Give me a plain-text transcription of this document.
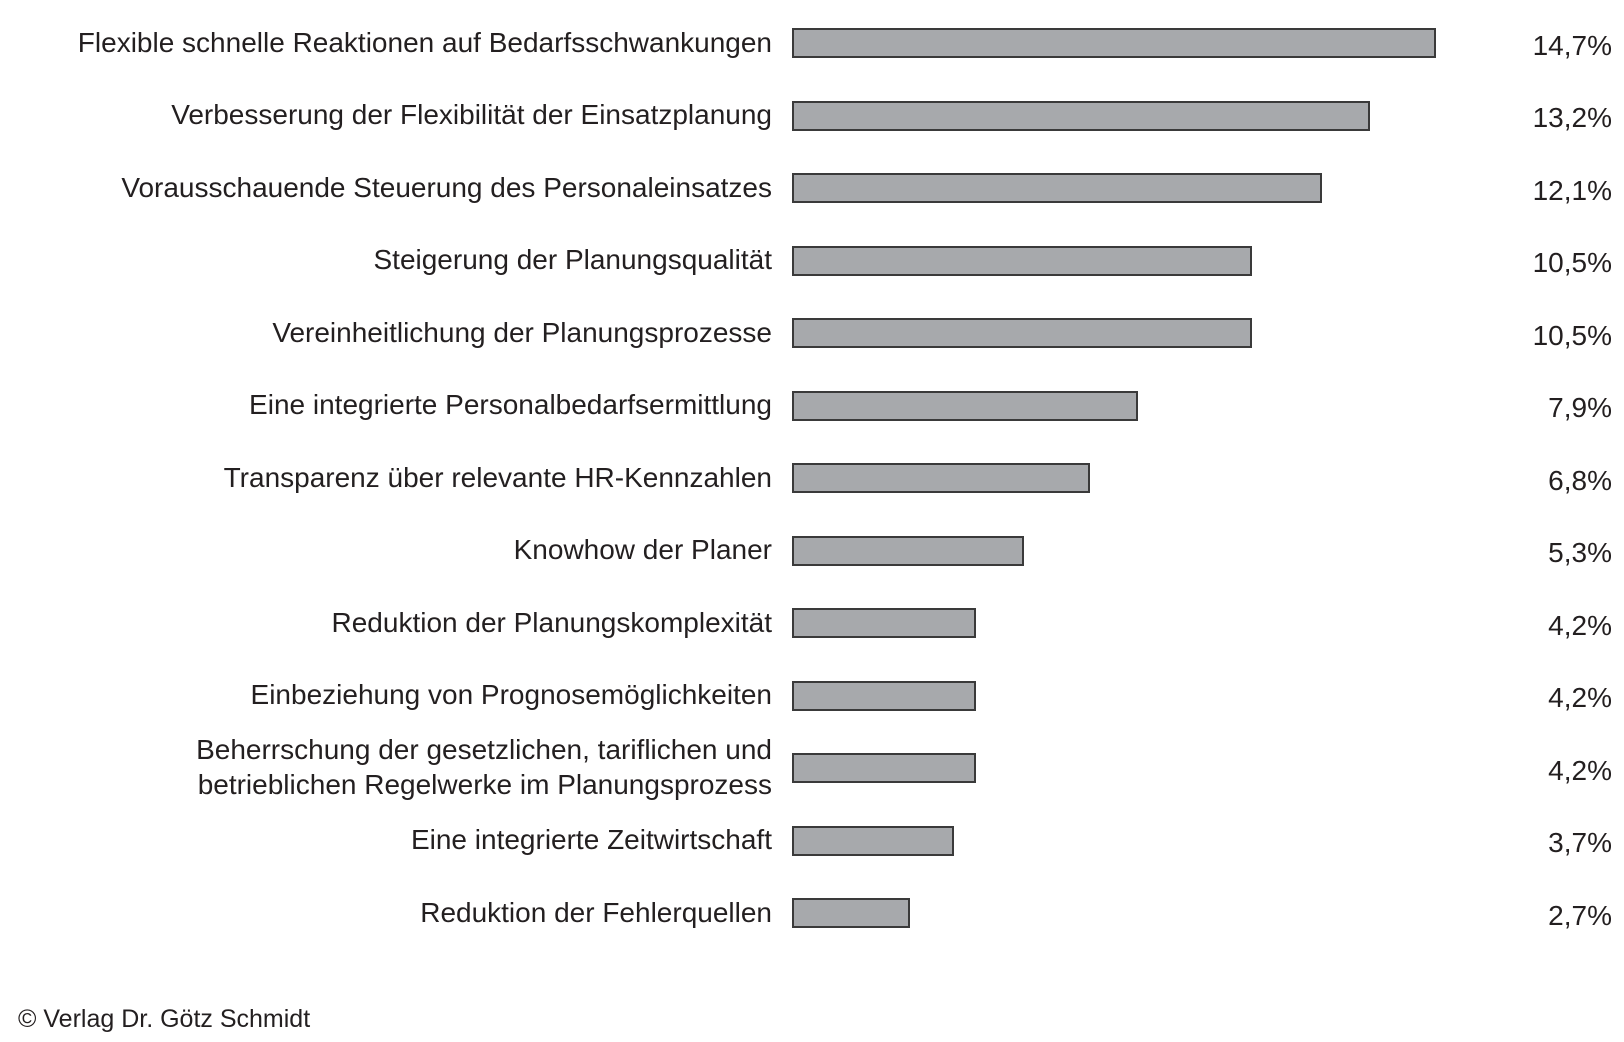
Flexible schnelle Reaktionen auf Bedarfsschwankungen	14,7%
Verbesserung der Flexibilität der Einsatzplanung	13,2%
Vorausschauende Steuerung des Personaleinsatzes	12,1%
Steigerung der Planungsqualität	10,5%
Vereinheitlichung der Planungsprozesse	10,5%
Eine integrierte Personalbedarfsermittlung	7,9%
Transparenz über relevante HR-Kennzahlen	6,8%
Knowhow der Planer	5,3%
Reduktion der Planungskomplexität	4,2%
Einbeziehung von Prognosemöglichkeiten	4,2%
Beherrschung der gesetzlichen, tariflichen und
betrieblichen Regelwerke im Planungsprozess	4,2%
Eine integrierte Zeitwirtschaft	3,7%
Reduktion der Fehlerquellen	2,7%
© Verlag Dr. Götz Schmidt
